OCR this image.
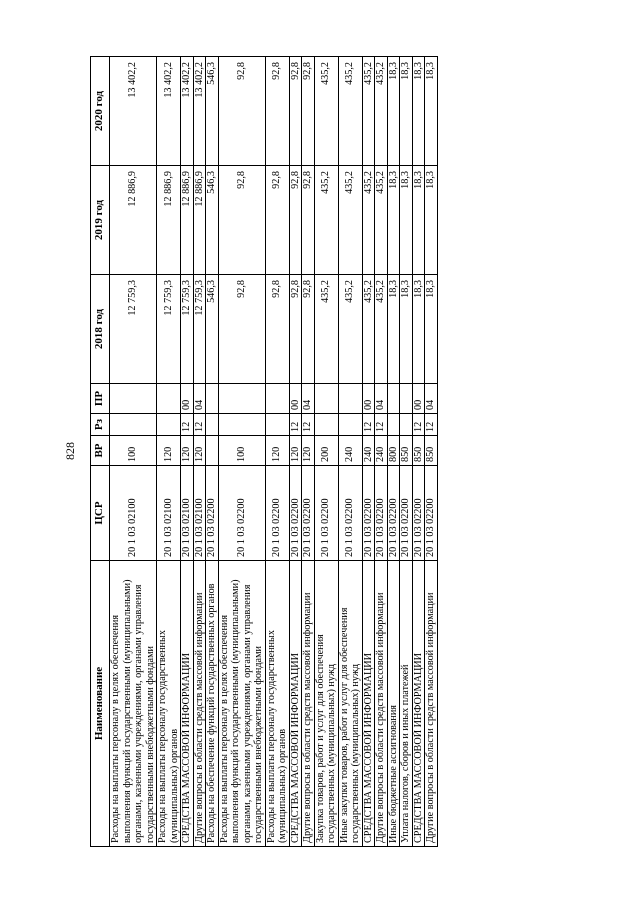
828
Наименование	ЦСР	ВР	Рз	ПР	2018 год	2019 год	2020 год
Расходы на выплаты персоналу в целях обеспечения выполнения функций государственными (муниципальными) органами, казенными учреждениями, органами управления государственными внебюджетными фондами	20 1 03 02100	100			12 759,3	12 886,9	13 402,2
Расходы на выплаты персоналу государственных (муниципальных) органов	20 1 03 02100	120			12 759,3	12 886,9	13 402,2
СРЕДСТВА МАССОВОЙ ИНФОРМАЦИИ	20 1 03 02100	120	12	00	12 759,3	12 886,9	13 402,2
Другие вопросы в области средств массовой информации	20 1 03 02100	120	12	04	12 759,3	12 886,9	13 402,2
Расходы на обеспечение функций государственных органов	20 1 03 02200				546,3	546,3	546,3
Расходы на выплаты персоналу в целях обеспечения выполнения функций государственными (муниципальными) органами, казенными учреждениями, органами управления государственными внебюджетными фондами	20 1 03 02200	100			92,8	92,8	92,8
Расходы на выплаты персоналу государственных (муниципальных) органов	20 1 03 02200	120			92,8	92,8	92,8
СРЕДСТВА МАССОВОЙ ИНФОРМАЦИИ	20 1 03 02200	120	12	00	92,8	92,8	92,8
Другие вопросы в области средств массовой информации	20 1 03 02200	120	12	04	92,8	92,8	92,8
Закупка товаров, работ и услуг для обеспечения государственных (муниципальных) нужд	20 1 03 02200	200			435,2	435,2	435,2
Иные закупки товаров, работ и услуг для обеспечения государственных (муниципальных) нужд	20 1 03 02200	240			435,2	435,2	435,2
СРЕДСТВА МАССОВОЙ ИНФОРМАЦИИ	20 1 03 02200	240	12	00	435,2	435,2	435,2
Другие вопросы в области средств массовой информации	20 1 03 02200	240	12	04	435,2	435,2	435,2
Иные бюджетные ассигнования	20 1 03 02200	800			18,3	18,3	18,3
Уплата налогов, сборов и иных платежей	20 1 03 02200	850			18,3	18,3	18,3
СРЕДСТВА МАССОВОЙ ИНФОРМАЦИИ	20 1 03 02200	850	12	00	18,3	18,3	18,3
Другие вопросы в области средств массовой информации	20 1 03 02200	850	12	04	18,3	18,3	18,3
